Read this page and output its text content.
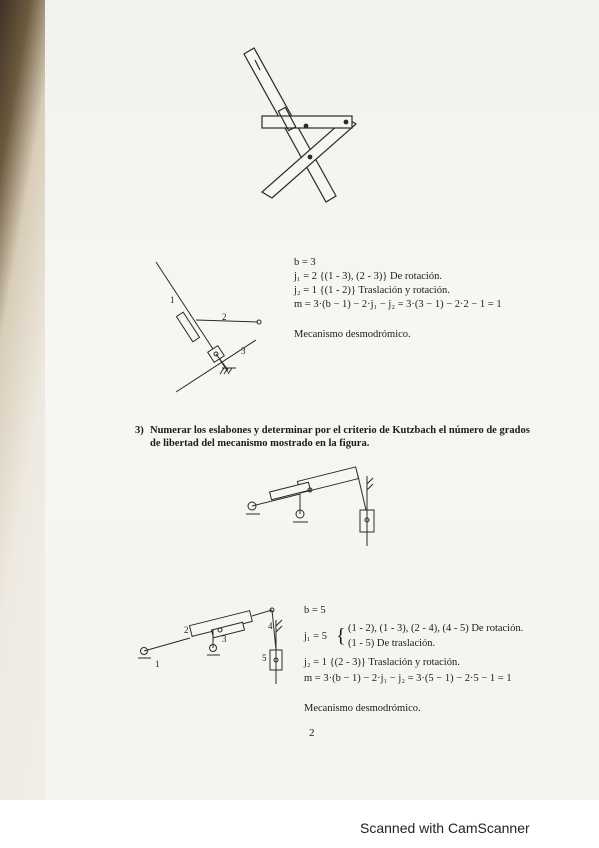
1
2
3
b = 3
j₁ = 2 {(1 - 3), (2 - 3)} De rotación.
j₂ = 1 {(1 - 2)} Traslación y rotación.
m = 3·(b − 1) − 2·j₁ − j₂ = 3·(3 − 1) − 2·2 − 1 = 1
Mecanismo desmodrómico.
3) Numerar los eslabones y determinar por el criterio de Kutzbach el número de grados
de libertad del mecanismo mostrado en la figura.
1
2
3
4
5
b = 5
j₁ = 5 { (1 - 2), (1 - 3), (2 - 4), (4 - 5) De rotación.
(1 - 5) De traslación.
j₂ = 1 {(2 - 3)} Traslación y rotación.
m = 3·(b − 1) − 2·j₁ − j₂ = 3·(5 − 1) − 2·5 − 1 = 1
Mecanismo desmodrómico.
2
Scanned with CamScanner
